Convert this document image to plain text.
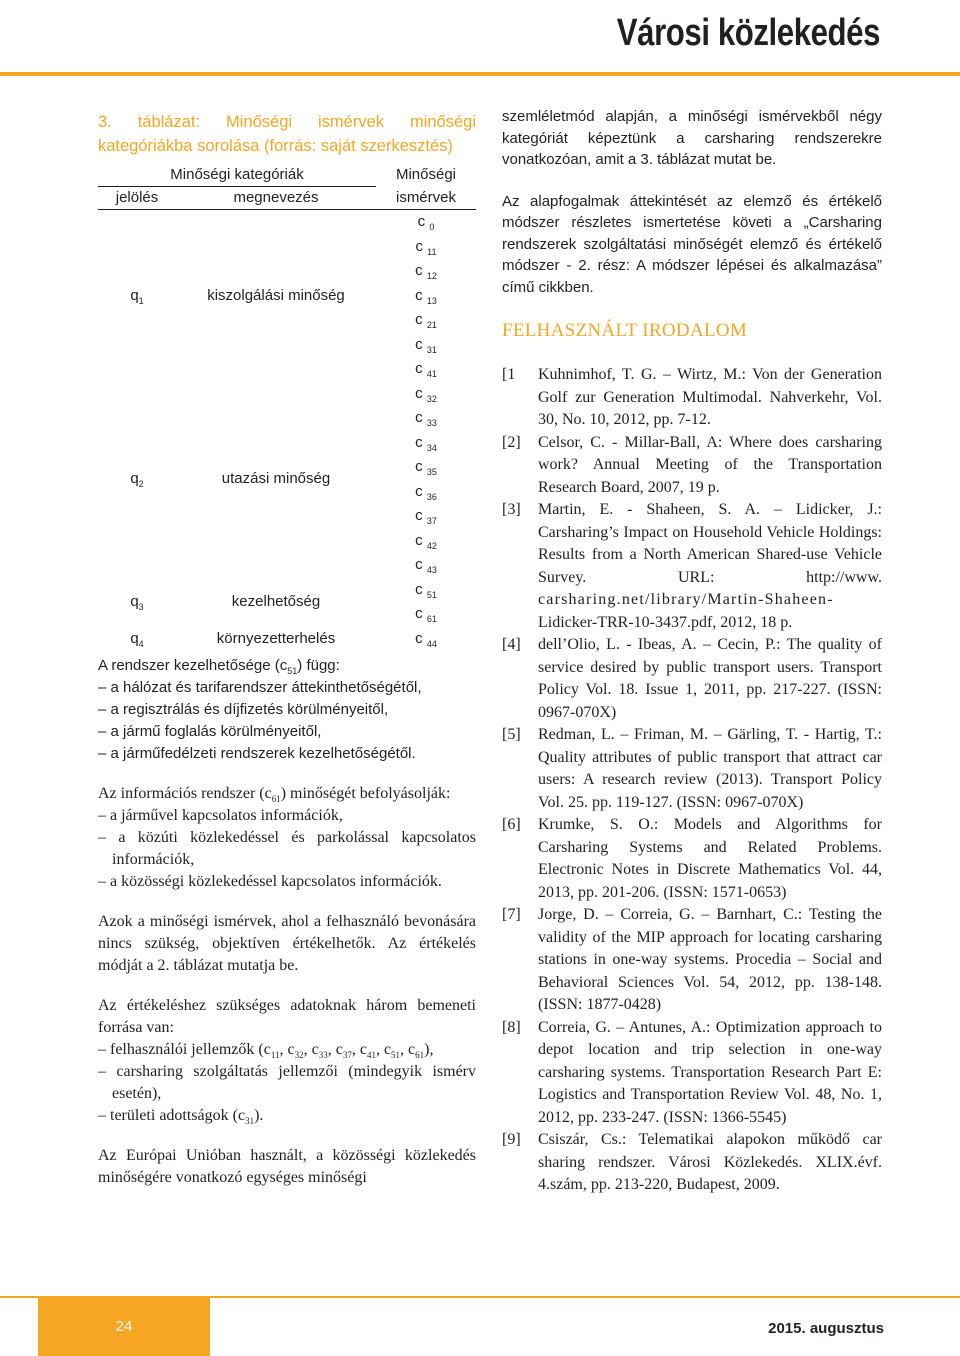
Városi közlekedés

3. táblázat: Minőségi ismérvek minőségi kategóriákba sorolása (forrás: saját szerkesztés)

Minőségi kategóriák		Minőségi
jelölés	megnevezés	ismérvek
$q_1$	kiszolgálási minőség	c $_0$
		c $_{11}$
		c $_{12}$
		c $_{13}$
		c $_{21}$
		c $_{31}$
		c $_{41}$
$q_2$	utazási minőség	c $_{32}$
		c $_{33}$
		c $_{34}$
		c $_{35}$
		c $_{36}$
		c $_{37}$
		c $_{42}$
		c $_{43}$
$q_3$	kezelhetőség	c $_{51}$
		c $_{61}$
$q_4$	környezetterhelés	c $_{44}$

A rendszer kezelhetősége $(c_{51})$ függ:

– a hálózat és tarifarendszer áttekinthetőségétől,

– a regisztrálás és díjfizetés körülményeitől,

– a jármű foglalás körülményeitől,

– a járműfedélzeti rendszerek kezelhetőségétől.

Az információs rendszer $(c_{61})$ minőségét befolyásolják:

– a járművel kapcsolatos információk,

– a közúti közlekedéssel és parkolással kapcsolatos információk,

– a közösségi közlekedéssel kapcsolatos információk.

Azok a minőségi ismérvek, ahol a felhasználó bevonására nincs szükség, objektíven értékelhetők. Az értékelés módját a 2. táblázat mutatja be.

Az értékeléshez szükséges adatoknak három bemeneti forrása van:

– felhasználói jellemzők ($c_{11}$, $c_{32}$, $c_{33}$, $c_{37}$, $c_{41}$, $c_{51}$, $c_{61}$),

– carsharing szolgáltatás jellemzői (mindegyik ismérv esetén),

– területi adottságok $(c_{31})$.

Az Európai Unióban használt, a közösségi közlekedés minőségére vonatkozó egységes minőségi

szemléletmód alapján, a minőségi ismérvekből négy kategóriát képeztünk a carsharing rendszerekre vonatkozóan, amit a 3. táblázat mutat be.

Az alapfogalmak áttekintését az elemző és értékelő módszer részletes ismertetése követi a „Carsharing rendszerek szolgáltatási minőségét elemző és értékelő módszer - 2. rész: A módszer lépései és alkalmazása” című cikkben.

FELHASZNÁLT IRODALOM
[1	Kuhnimhof, T. G. – Wirtz, M.: Von der Generation Golf zur Generation Multimodal. Nahverkehr, Vol. 30, No. 10, 2012, pp. 7-12.
[2]	Celsor, C. - Millar-Ball, A: Where does carsharing work? Annual Meeting of the Transportation Research Board, 2007, 19 p.
[3]	Martin, E. - Shaheen, S. A. – Lidicker, J.: Carsharing’s Impact on Household Vehicle Holdings: Results from a North American Shared-use Vehicle Survey. URL: http://www. carsharing.net/library/Martin-Shaheen- Lidicker-TRR-10-3437.pdf, 2012, 18 p.
[4]	dell’Olio, L. - Ibeas, A. – Cecin, P.: The quality of service desired by public transport users. Transport Policy Vol. 18. Issue 1, 2011, pp. 217-227. (ISSN: 0967-070X)
[5]	Redman, L. – Friman, M. – Gärling, T. - Hartig, T.: Quality attributes of public transport that attract car users: A research review (2013). Transport Policy Vol. 25. pp. 119-127. (ISSN: 0967-070X)
[6]	Krumke, S. O.: Models and Algorithms for Carsharing Systems and Related Problems. Electronic Notes in Discrete Mathematics Vol. 44, 2013, pp. 201-206. (ISSN: 1571-0653)
[7]	Jorge, D. – Correia, G. – Barnhart, C.: Testing the validity of the MIP approach for locating carsharing stations in one-way systems. Procedia – Social and Behavioral Sciences Vol. 54, 2012, pp. 138-148. (ISSN: 1877-0428)
[8]	Correia, G. – Antunes, A.: Optimization approach to depot location and trip selection in one-way carsharing systems. Transportation Research Part E: Logistics and Transportation Review Vol. 48, No. 1, 2012, pp. 233-247. (ISSN: 1366-5545)
[9]	Csiszár, Cs.: Telematikai alapokon működő car sharing rendszer. Városi Közlekedés. XLIX.évf. 4.szám, pp. 213-220, Budapest, 2009.
24	2015. augusztus
